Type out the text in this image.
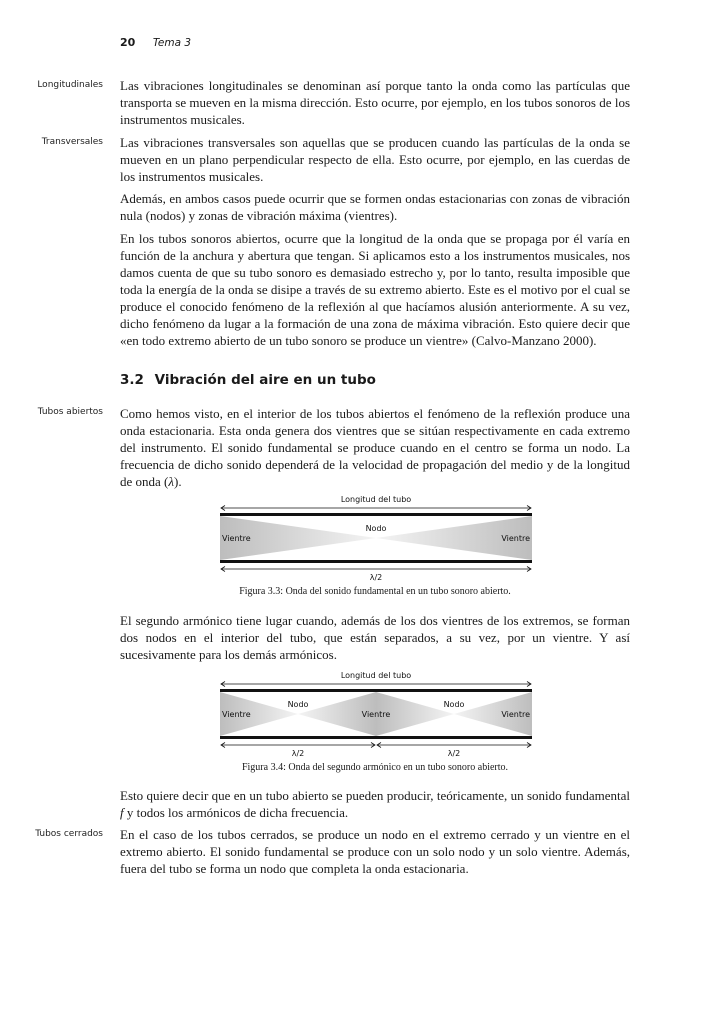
20 Tema 3
Longitudinales
Transversales
Tubos abiertos
Tubos cerrados

Las vibraciones longitudinales se denominan así porque tanto la onda como las partículas que transporta se mueven en la misma dirección. Esto ocurre, por ejemplo, en los tubos sonoros de los instrumentos musicales.

Las vibraciones transversales son aquellas que se producen cuando las partículas de la onda se mueven en un plano perpendicular respecto de ella. Esto ocurre, por ejemplo, en las cuerdas de los instrumentos musicales.

Además, en ambos casos puede ocurrir que se formen ondas estacionarias con zonas de vibración nula (nodos) y zonas de vibración máxima (vientres).

En los tubos sonoros abiertos, ocurre que la longitud de la onda que se propaga por él varía en función de la anchura y abertura que tengan. Si aplicamos esto a los instrumentos musicales, nos damos cuenta de que su tubo sonoro es demasiado estrecho y, por lo tanto, resulta imposible que toda la energía de la onda se disipe a través de su extremo abierto. Este es el motivo por el cual se produce el conocido fenómeno de la reflexión al que hacíamos alusión anteriormente. A su vez, dicho fenómeno da lugar a la formación de una zona de máxima vibración. Esto quiere decir que «en todo extremo abierto de un tubo sonoro se produce un vientre» (Calvo-Manzano 2000).

3.2 Vibración del aire en un tubo

Como hemos visto, en el interior de los tubos abiertos el fenómeno de la reflexión produce una onda estacionaria. Esta onda genera dos vientres que se sitúan respectivamente en cada extremo del instrumento. El sonido fundamental se produce cuando en el centro se forma un nodo. La frecuencia de dicho sonido dependerá de la velocidad de propagación del medio y de la longitud de onda (λ).

Longitud del tubo
Vientre
Nodo
Vientre
λ/2
Figura 3.3: Onda del sonido fundamental en un tubo sonoro abierto.

El segundo armónico tiene lugar cuando, además de los dos vientres de los extremos, se forman dos nodos en el interior del tubo, que están separados, a su vez, por un vientre. Y así sucesivamente para los demás armónicos.

Longitud del tubo
Vientre
Nodo
Vientre
Nodo
Vientre
λ/2	λ/2
Figura 3.4: Onda del segundo armónico en un tubo sonoro abierto.

Esto quiere decir que en un tubo abierto se pueden producir, teóricamente, un sonido fundamental f y todos los armónicos de dicha frecuencia.

En el caso de los tubos cerrados, se produce un nodo en el extremo cerrado y un vientre en el extremo abierto. El sonido fundamental se produce con un solo nodo y un solo vientre. Además, fuera del tubo se forma un nodo que completa la onda estacionaria.
